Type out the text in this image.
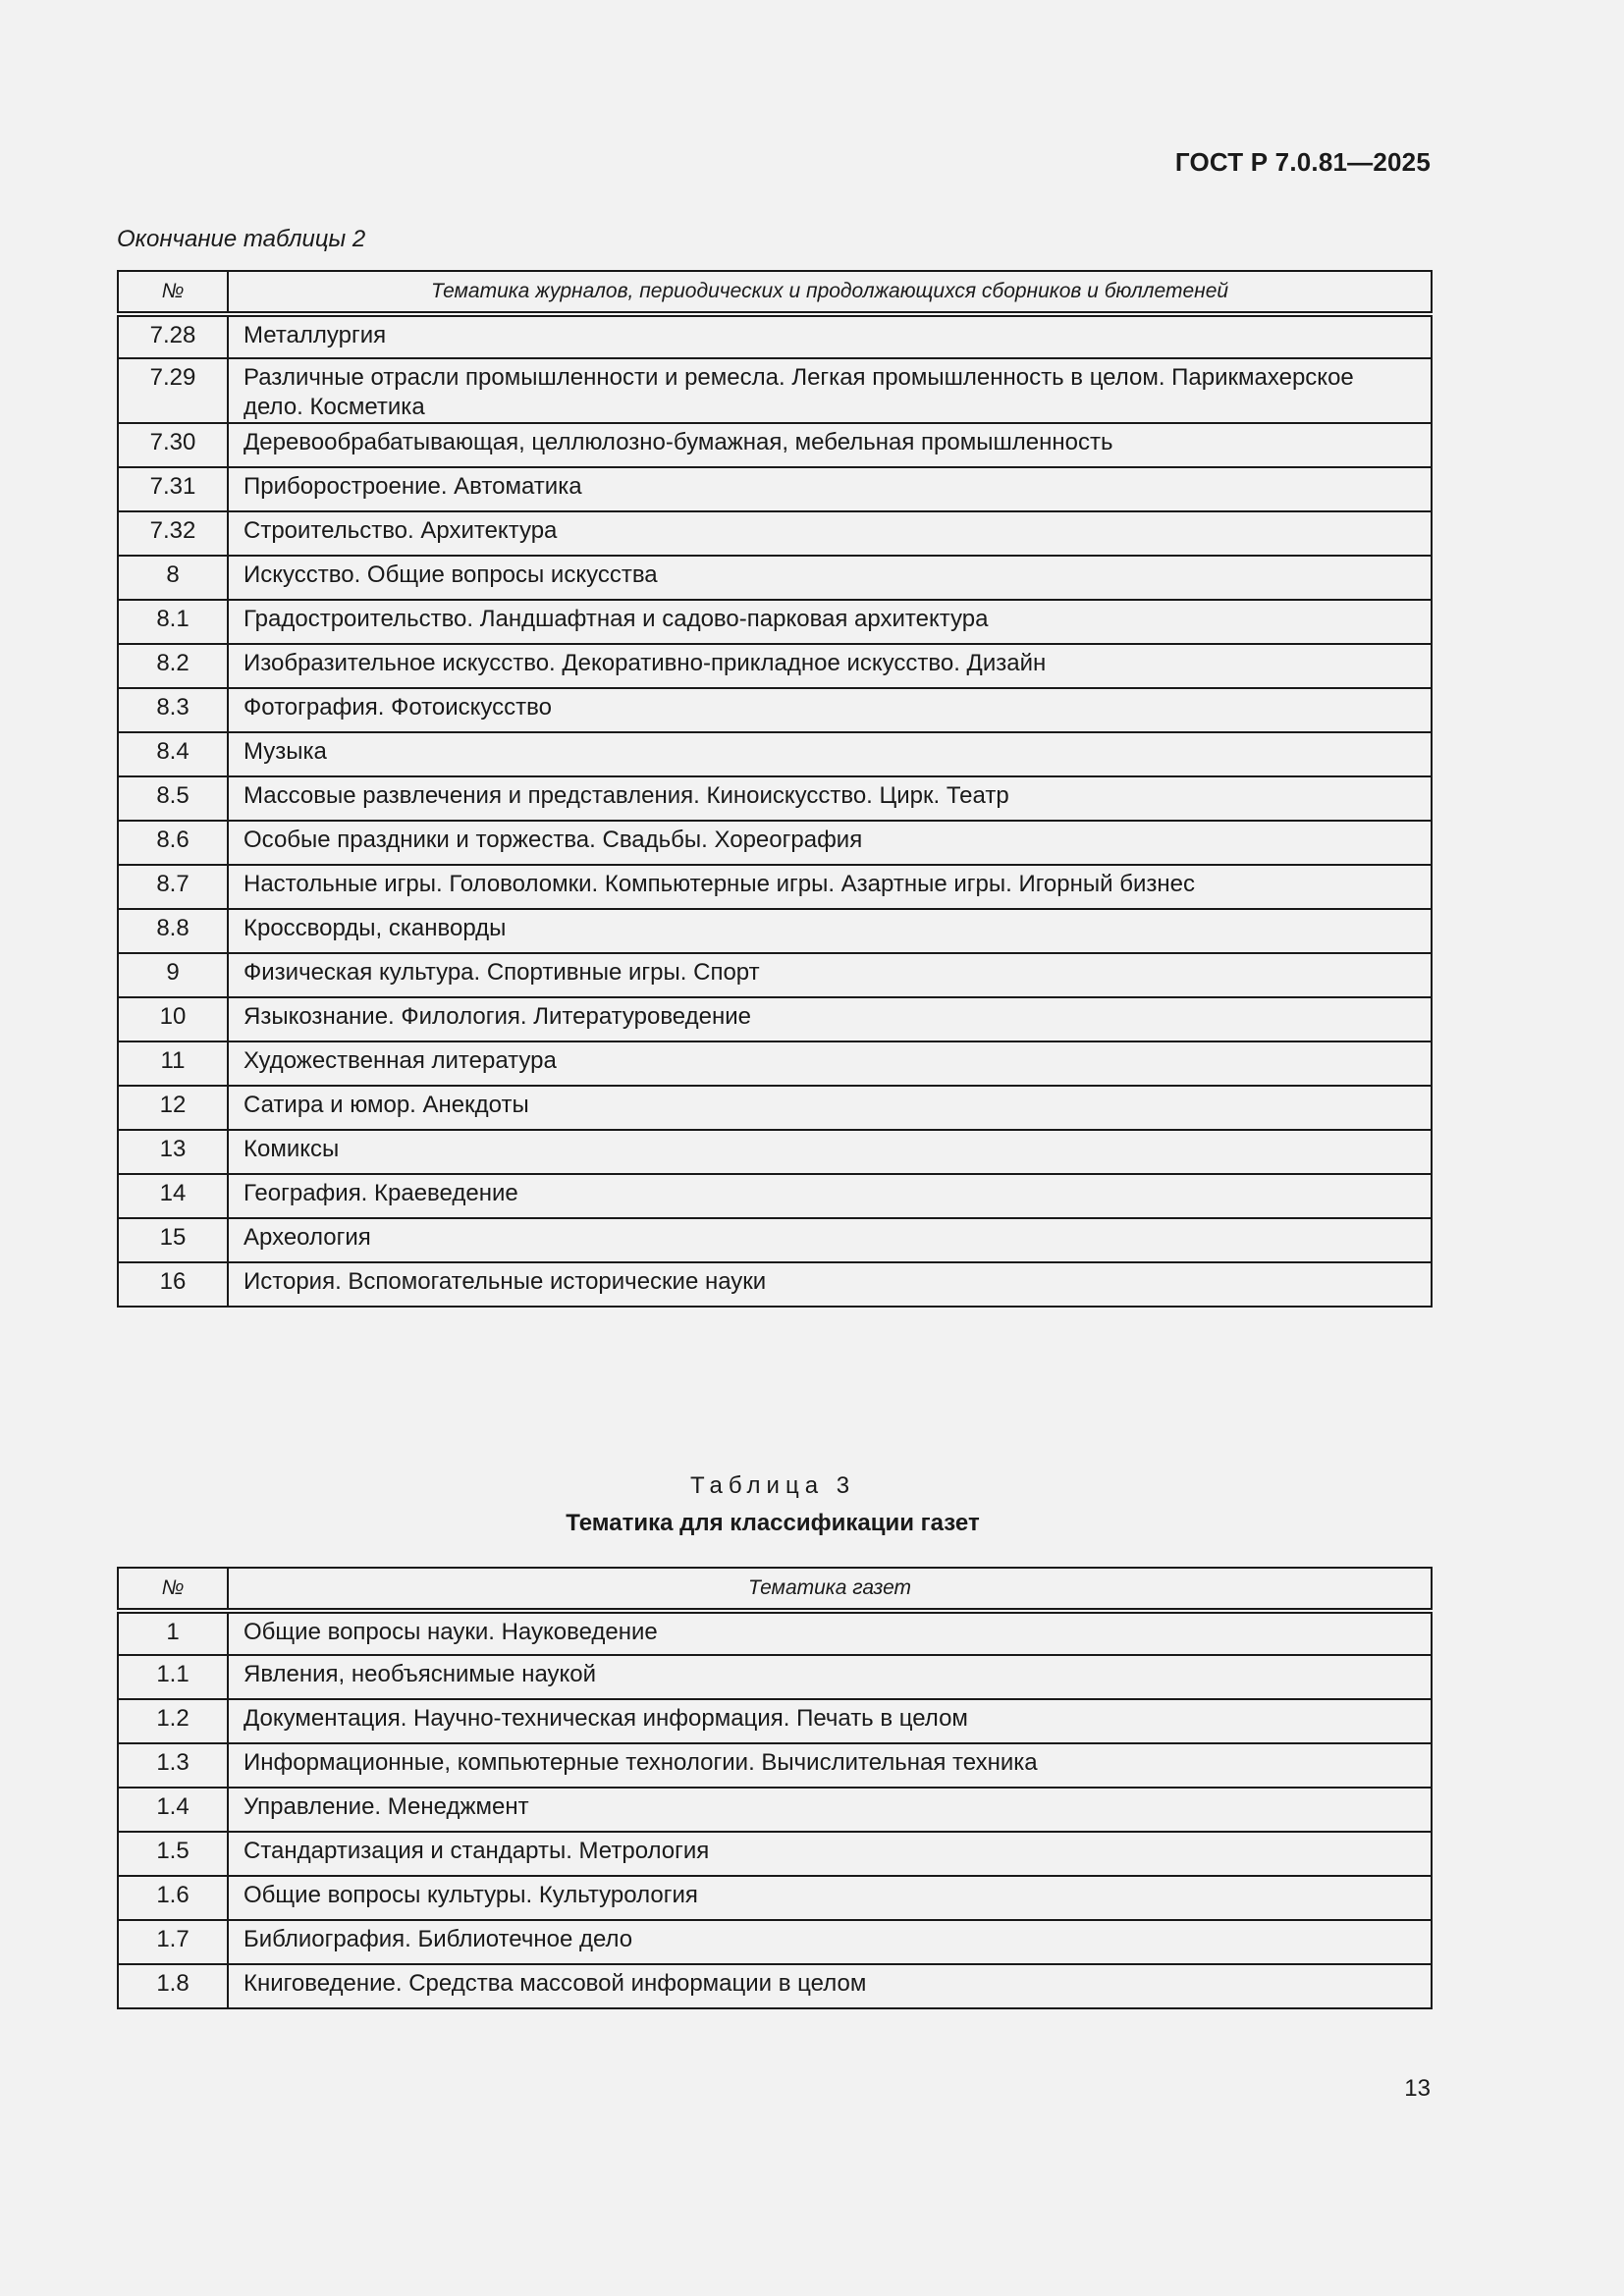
ГОСТ Р 7.0.81—2025
Окончание таблицы 2
№	Тематика журналов, периодических и продолжающихся сборников и бюллетеней
7.28	Металлургия
7.29	Различные отрасли промышленности и ремесла. Легкая промышленность в целом. Парикмахерское дело. Косметика
7.30	Деревообрабатывающая, целлюлозно-бумажная, мебельная промышленность
7.31	Приборостроение. Автоматика
7.32	Строительство. Архитектура
8	Искусство. Общие вопросы искусства
8.1	Градостроительство. Ландшафтная и садово-парковая архитектура
8.2	Изобразительное искусство. Декоративно-прикладное искусство. Дизайн
8.3	Фотография. Фотоискусство
8.4	Музыка
8.5	Массовые развлечения и представления. Киноискусство. Цирк. Театр
8.6	Особые праздники и торжества. Свадьбы. Хореография
8.7	Настольные игры. Головоломки. Компьютерные игры. Азартные игры. Игорный бизнес
8.8	Кроссворды, сканворды
9	Физическая культура. Спортивные игры. Спорт
10	Языкознание. Филология. Литературоведение
11	Художественная литература
12	Сатира и юмор. Анекдоты
13	Комиксы
14	География. Краеведение
15	Археология
16	История. Вспомогательные исторические науки
Таблица 3
Тематика для классификации газет
№	Тематика газет
1	Общие вопросы науки. Науковедение
1.1	Явления, необъяснимые наукой
1.2	Документация. Научно-техническая информация. Печать в целом
1.3	Информационные, компьютерные технологии. Вычислительная техника
1.4	Управление. Менеджмент
1.5	Стандартизация и стандарты. Метрология
1.6	Общие вопросы культуры. Культурология
1.7	Библиография. Библиотечное дело
1.8	Книговедение. Средства массовой информации в целом
13
